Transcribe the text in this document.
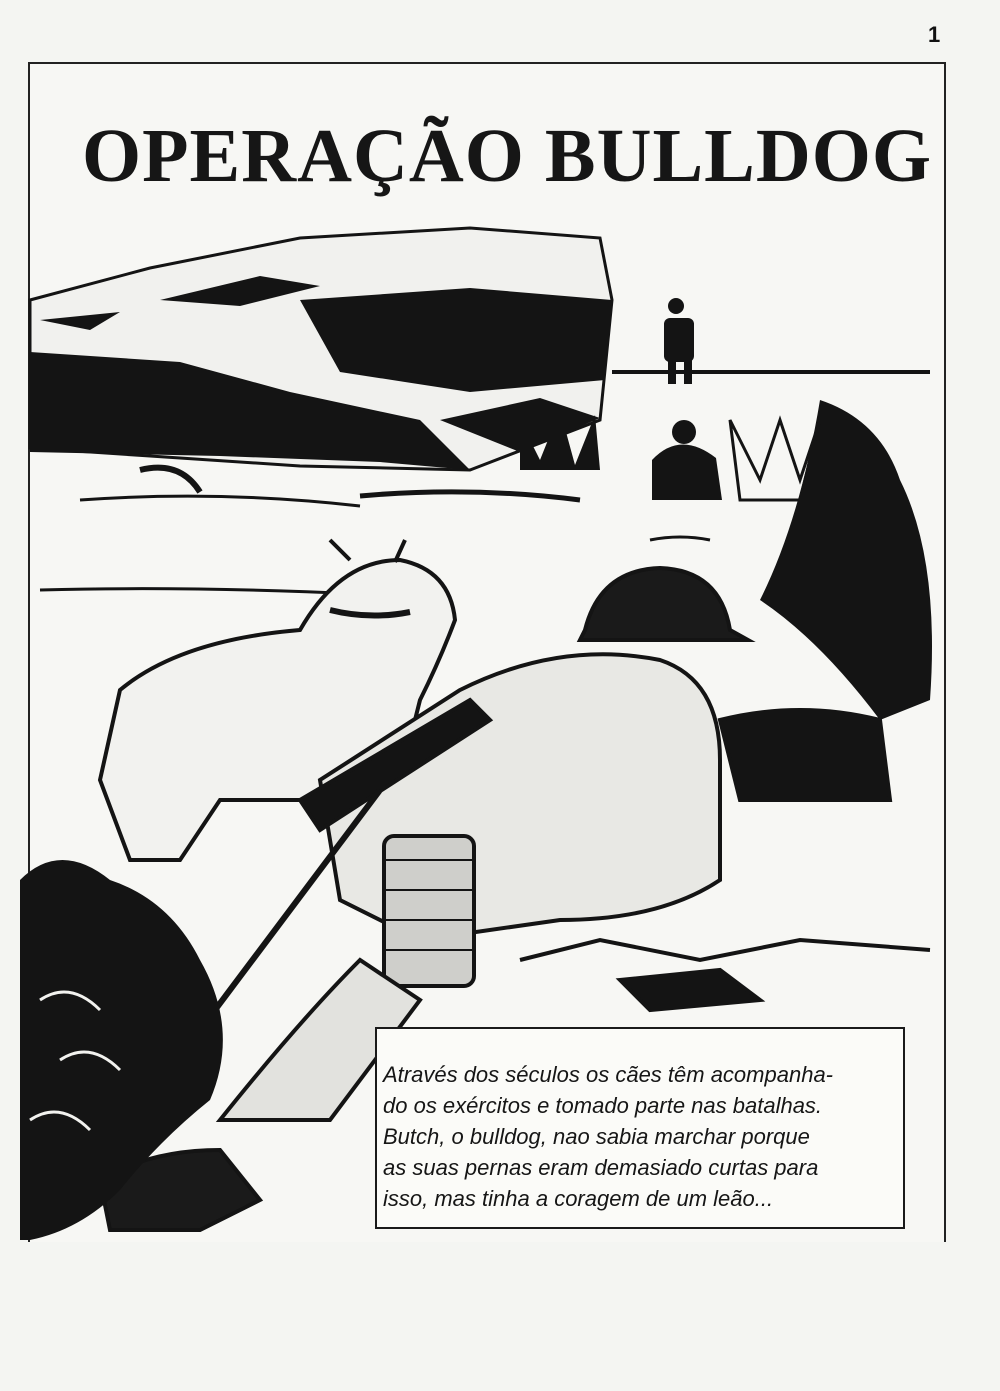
1
OPERAÇÃO BULLDOG

Através dos séculos os cães têm acompanha-
do os exércitos e tomado parte nas batalhas.
Butch, o bulldog, nao sabia marchar porque
as suas pernas eram demasiado curtas para
isso, mas tinha a coragem de um leão...
